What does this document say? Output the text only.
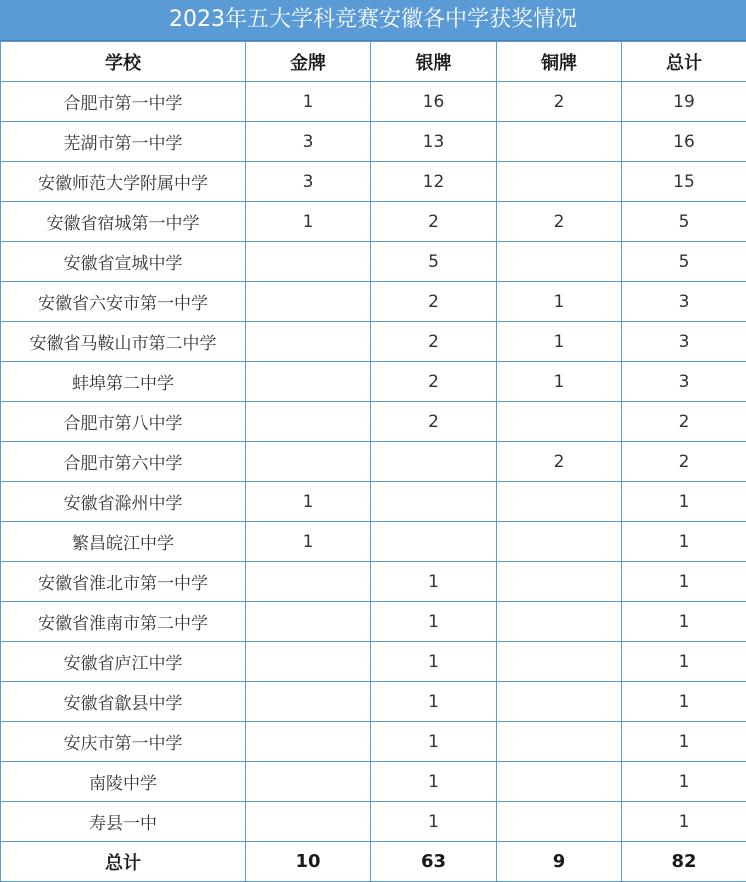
2023年五大学科竞赛安徽各中学获奖情况
学校	金牌	银牌	铜牌	总计
合肥市第一中学	1	16	2	19
芜湖市第一中学	3	13		16
安徽师范大学附属中学	3	12		15
安徽省宿城第一中学	1	2	2	5
安徽省宣城中学		5		5
安徽省六安市第一中学		2	1	3
安徽省马鞍山市第二中学		2	1	3
蚌埠第二中学		2	1	3
合肥市第八中学		2		2
合肥市第六中学			2	2
安徽省滁州中学	1			1
繁昌皖江中学	1			1
安徽省淮北市第一中学		1		1
安徽省淮南市第二中学		1		1
安徽省庐江中学		1		1
安徽省歙县中学		1		1
安庆市第一中学		1		1
南陵中学		1		1
寿县一中		1		1
总计	10	63	9	82
